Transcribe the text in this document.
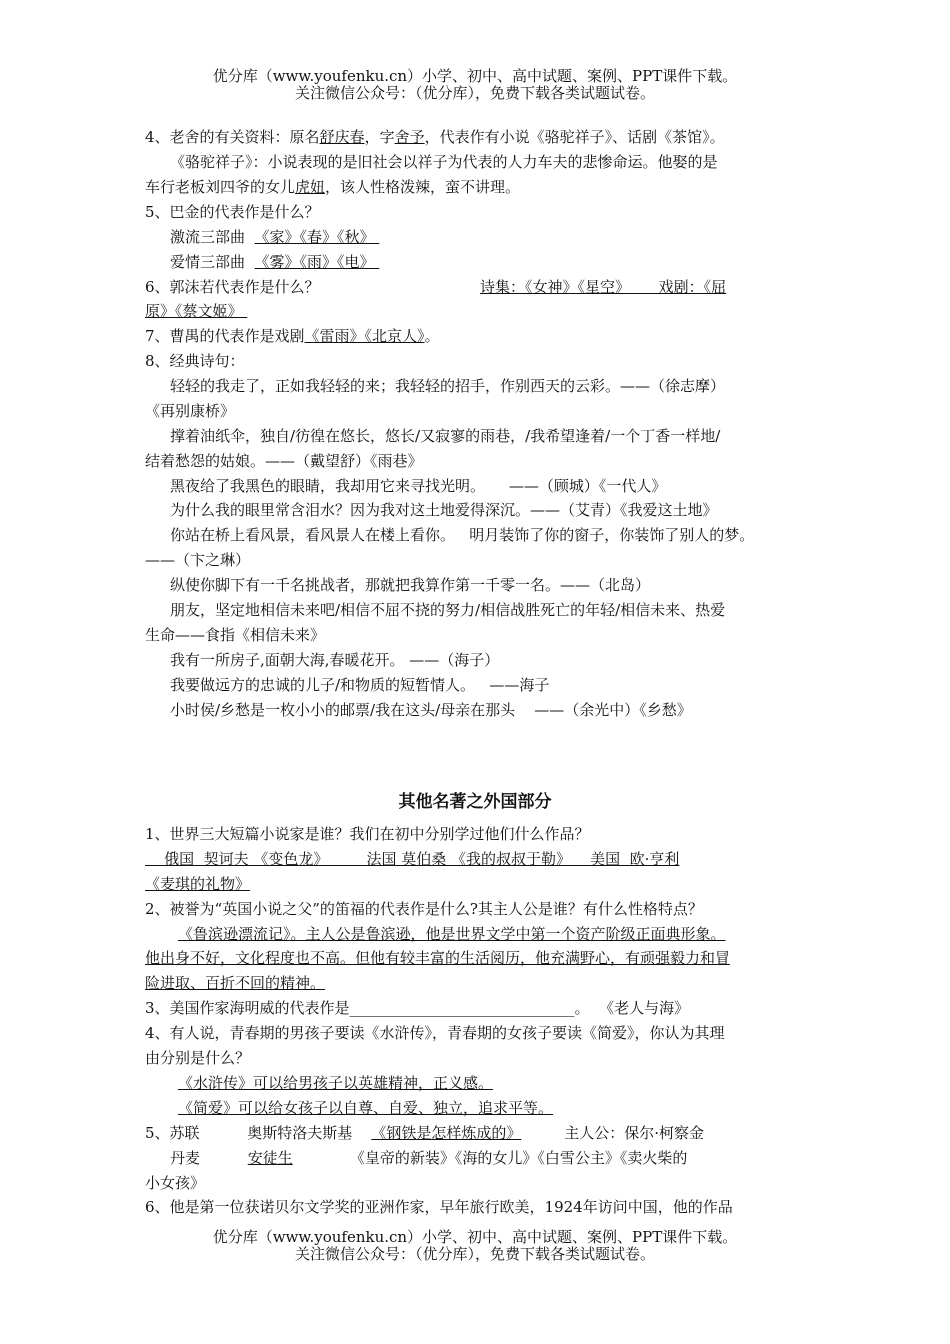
优分库（www.youfenku.cn）小学、初中、高中试题、案例、PPT课件下载。
关注微信公众号：（优分库），免费下载各类试题试卷。
4、老舍的有关资料：原名舒庆春，字舍予，代表作有小说《骆驼祥子》、话剧《茶馆》。
《骆驼祥子》：小说表现的是旧社会以祥子为代表的人力车夫的悲惨命运。他娶的是
车行老板刘四爷的女儿虎妞，该人性格泼辣，蛮不讲理。
5、巴金的代表作是什么？
激流三部曲  《家》《春》《秋》
爱情三部曲  《雾》《雨》《电》
6、郭沫若代表作是什么？	诗集：《女神》《星空》      戏剧：《屈
原》《蔡文姬》
7、曹禺的代表作是戏剧《雷雨》《北京人》。
8、经典诗句：
轻轻的我走了，正如我轻轻的来；我轻轻的招手，作别西天的云彩。——（徐志摩）
《再别康桥》
撑着油纸伞，独自/彷徨在悠长，悠长/又寂寥的雨巷，/我希望逢着/一个丁香一样地/
结着愁怨的姑娘。——（戴望舒）《雨巷》
黑夜给了我黑色的眼睛，我却用它来寻找光明。     ——（顾城）《一代人》
为什么我的眼里常含泪水？因为我对这土地爱得深沉。——（艾青）《我爱这土地》
你站在桥上看风景，看风景人在楼上看你。   明月装饰了你的窗子，你装饰了别人的梦。
——（卞之琳）
纵使你脚下有一千名挑战者，那就把我算作第一千零一名。——（北岛）
朋友，坚定地相信未来吧/相信不屈不挠的努力/相信战胜死亡的年轻/相信未来、热爱
生命——食指《相信未来》
我有一所房子,面朝大海,春暖花开。 ——（海子）
我要做远方的忠诚的儿子/和物质的短暂情人。   ——海子
小时侯/乡愁是一枚小小的邮票/我在这头/母亲在那头    ——（余光中）《乡愁》
其他名著之外国部分
1、世界三大短篇小说家是谁？我们在初中分别学过他们什么作品？
俄国  契诃夫 《变色龙》        法国 莫伯桑 《我的叔叔于勒》    美国  欧·亨利
《麦琪的礼物》
2、被誉为“英国小说之父”的笛福的代表作是什么?其主人公是谁？有什么性格特点？
《鲁滨逊漂流记》。主人公是鲁滨逊，他是世界文学中第一个资产阶级正面典形象。
他出身不好，文化程度也不高。但他有较丰富的生活阅历，他充满野心，有顽强毅力和冒
险进取、百折不回的精神。
3、美国作家海明威的代表作是______________________________。  《老人与海》
4、有人说，青春期的男孩子要读《水浒传》，青春期的女孩子要读《简爱》，你认为其理
由分别是什么？
《水浒传》可以给男孩子以英雄精神，正义感。
《简爱》可以给女孩子以自尊、自爱、独立，追求平等。
5、苏联          奥斯特洛夫斯基    《钢铁是怎样炼成的》         主人公：保尔·柯察金
丹麦          安徒生            《皇帝的新装》《海的女儿》《白雪公主》《卖火柴的
小女孩》
6、他是第一位获诺贝尔文学奖的亚洲作家，早年旅行欧美，1924年访问中国，他的作品
优分库（www.youfenku.cn）小学、初中、高中试题、案例、PPT课件下载。
关注微信公众号：（优分库），免费下载各类试题试卷。
